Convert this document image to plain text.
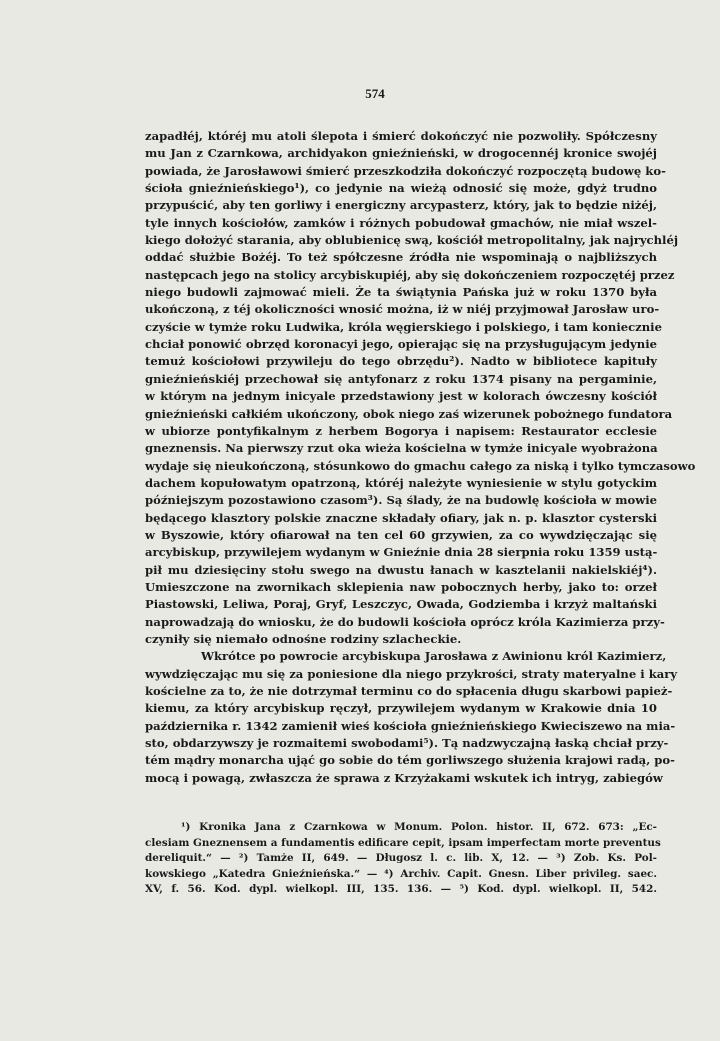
574
zapadłéj, któréj mu atoli ślepota i śmierć dokończyć nie pozwoliły. Spółczesny
mu Jan z Czarnkowa, archidyakon gnieźnieński, w drogocennéj kronice swojéj
powiada, że Jarosławowi śmierć przeszkodziła dokończyć rozpoczętą budowę ko-
ścioła gnieźnieńskiego¹), co jedynie na wieżą odnosić się może, gdyż trudno
przypuścić, aby ten gorliwy i energiczny arcypasterz, który, jak to będzie niżéj,
tyle innych kościołów, zamków i różnych pobudował gmachów, nie miał wszel-
kiego dołożyć starania, aby oblubienicę swą, kościół metropolitalny, jak najrychléj
oddać służbie Bożéj. To też spółczesne źródła nie wspominają o najbliższych
następcach jego na stolicy arcybiskupiéj, aby się dokończeniem rozpoczętéj przez
niego budowli zajmować mieli. Że ta świątynia Pańska już w roku 1370 była
ukończoną, z téj okoliczności wnosić można, iż w niéj przyjmował Jarosław uro-
czyście w tymże roku Ludwika, króla węgierskiego i polskiego, i tam koniecznie
chciał ponowić obrzęd koronacyi jego, opierając się na przysługującym jedynie
temuż kościołowi przywileju do tego obrzędu²). Nadto w bibliotece kapituły
gnieźnieńskiéj przechował się antyfonarz z roku 1374 pisany na pergaminie,
w którym na jednym inicyale przedstawiony jest w kolorach ówczesny kościół
gnieźnieński całkiém ukończony, obok niego zaś wizerunek pobożnego fundatora
w ubiorze pontyfikalnym z herbem Bogorya i napisem: Restaurator ecclesie
gneznensis. Na pierwszy rzut oka wieża kościelna w tymże inicyale wyobrażona
wydaje się nieukończoną, stósunkowo do gmachu całego za niską i tylko tymczasowo
dachem kopułowatym opatrzoną, któréj należyte wyniesienie w stylu gotyckim
późniejszym pozostawiono czasom³). Są ślady, że na budowlę kościoła w mowie
będącego klasztory polskie znaczne składały ofiary, jak n. p. klasztor cysterski
w Byszowie, który ofiarował na ten cel 60 grzywien, za co wywdzięczając się
arcybiskup, przywilejem wydanym w Gnieźnie dnia 28 sierpnia roku 1359 ustą-
pił mu dziesięciny stołu swego na dwustu łanach w kasztelanii nakielskiéj⁴).
Umieszczone na zwornikach sklepienia naw pobocznych herby, jako to: orzeł
Piastowski, Leliwa, Poraj, Gryf, Leszczyc, Owada, Godziemba i krzyż maltański
naprowadzają do wniosku, że do budowli kościoła oprócz króla Kazimierza przy-
czyniły się niemało odnośne rodziny szlacheckie.
Wkrótce po powrocie arcybiskupa Jarosława z Awinionu król Kazimierz,
wywdzięczając mu się za poniesione dla niego przykrości, straty materyalne i kary
kościelne za to, że nie dotrzymał terminu co do spłacenia długu skarbowi papież-
kiemu, za który arcybiskup ręczył, przywilejem wydanym w Krakowie dnia 10
października r. 1342 zamienił wieś kościoła gnieźnieńskiego Kwieciszewo na mia-
sto, obdarzywszy je rozmaitemi swobodami⁵). Tą nadzwyczajną łaską chciał przy-
tém mądry monarcha ująć go sobie do tém gorliwszego służenia krajowi radą, po-
mocą i powagą, zwłaszcza że sprawa z Krzyżakami wskutek ich intryg, zabiegów
¹) Kronika Jana z Czarnkowa w Monum. Polon. histor. II, 672. 673: „Ec-
clesiam Gneznensem a fundamentis edificare cepit, ipsam imperfectam morte preventus
dereliquit.“ — ²) Tamże II, 649. — Długosz l. c. lib. X, 12. — ³) Zob. Ks. Pol-
kowskiego „Katedra Gnieźnieńska.“ — ⁴) Archiv. Capit. Gnesn. Liber privileg. saec.
XV, f. 56. Kod. dypl. wielkopl. III, 135. 136. — ⁵) Kod. dypl. wielkopl. II, 542.
